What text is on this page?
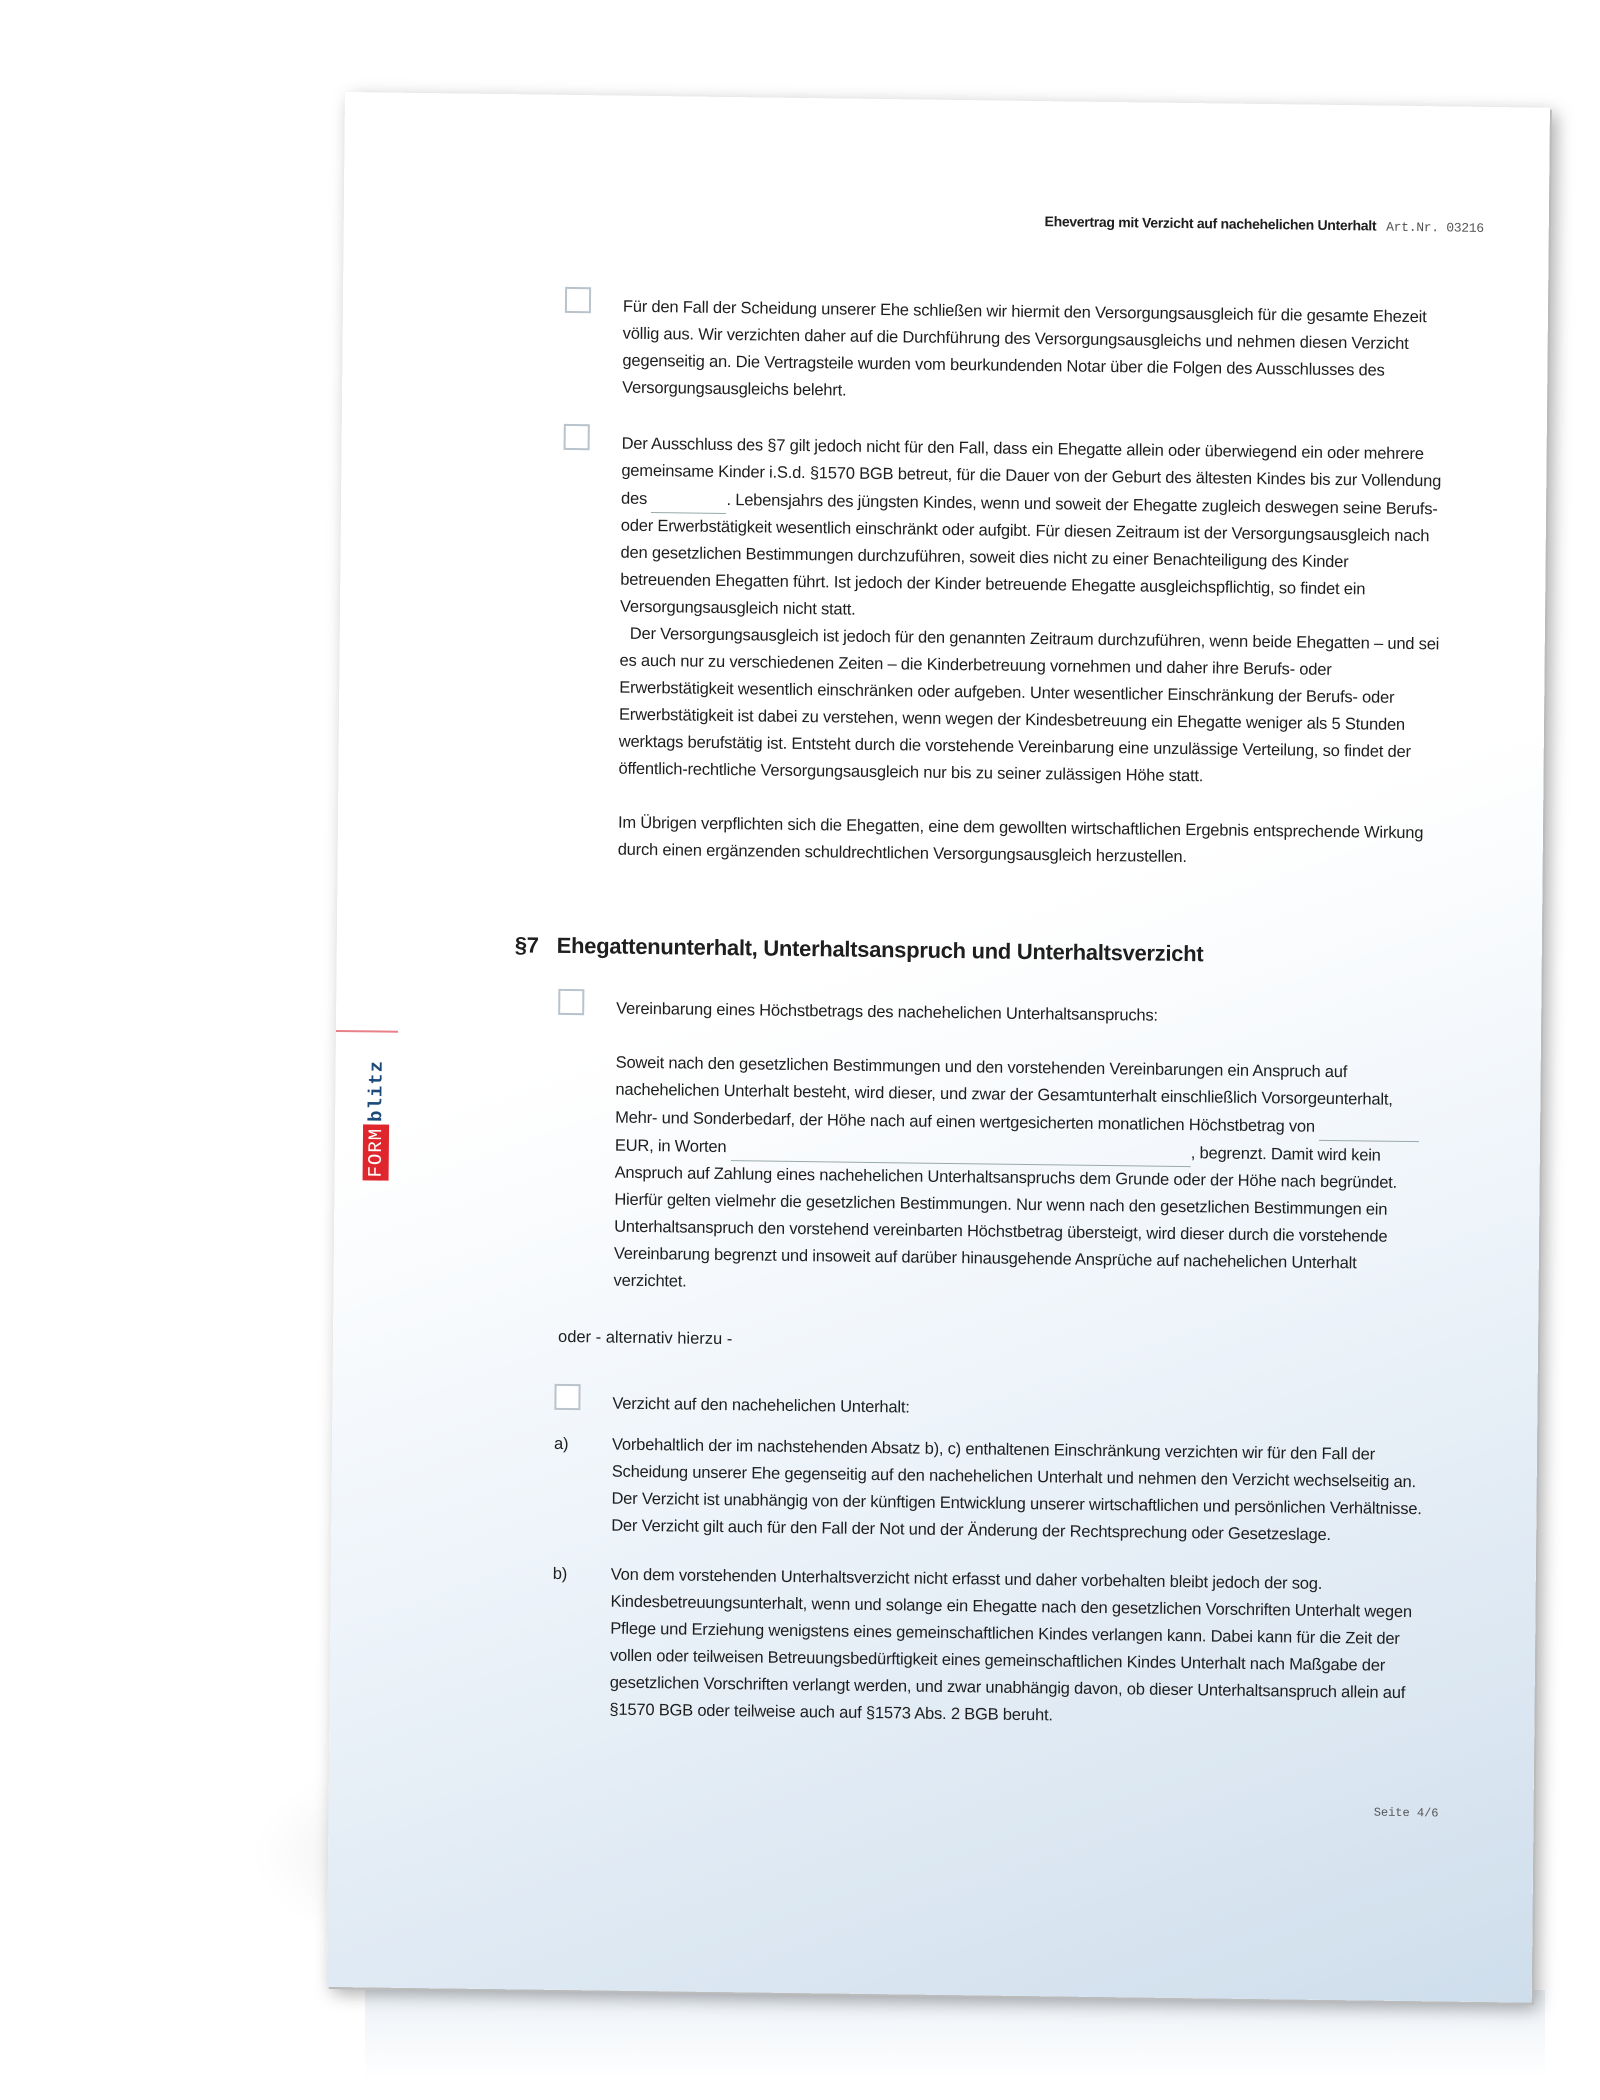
Ehevertrag mit Verzicht auf nachehelichen Unterhalt Art.Nr. 03216
FORMblitz

Für den Fall der Scheidung unserer Ehe schließen wir hiermit den Versorgungsausgleich für die gesamte Ehezeit völlig aus. Wir verzichten daher auf die Durchführung des Versorgungsausgleichs und nehmen diesen Verzicht gegenseitig an. Die Vertragsteile wurden vom beurkundenden Notar über die Folgen des Ausschlusses des Versorgungsausgleichs belehrt.

Der Ausschluss des §7 gilt jedoch nicht für den Fall, dass ein Ehegatte allein oder überwiegend ein oder mehrere gemeinsame Kinder i.S.d. §1570 BGB betreut, für die Dauer von der Geburt des ältesten Kindes bis zur Vollendung des	. Lebensjahrs des jüngsten Kindes, wenn und soweit der Ehegatte zugleich deswegen seine Berufs- oder Erwerbstätigkeit wesentlich einschränkt oder aufgibt. Für diesen Zeitraum ist der Versorgungsausgleich nach den gesetzlichen Bestimmungen durchzuführen, soweit dies nicht zu einer Benachteiligung des Kinder betreuenden Ehegatten führt. Ist jedoch der Kinder betreuende Ehegatte ausgleichspflichtig, so findet ein Versorgungsausgleich nicht statt.

Der Versorgungsausgleich ist jedoch für den genannten Zeitraum durchzuführen, wenn beide Ehegatten – und sei es auch nur zu verschiedenen Zeiten – die Kinderbetreuung vornehmen und daher ihre Berufs- oder Erwerbstätigkeit wesentlich einschränken oder aufgeben. Unter wesentlicher Einschränkung der Berufs- oder Erwerbstätigkeit ist dabei zu verstehen, wenn wegen der Kindesbetreuung ein Ehegatte weniger als 5 Stunden werktags berufstätig ist. Entsteht durch die vorstehende Vereinbarung eine unzulässige Verteilung, so findet der öffentlich-rechtliche Versorgungsausgleich nur bis zu seiner zulässigen Höhe statt.

Im Übrigen verpflichten sich die Ehegatten, eine dem gewollten wirtschaftlichen Ergebnis entsprechende Wirkung durch einen ergänzenden schuldrechtlichen Versorgungsausgleich herzustellen.

§7 Ehegattenunterhalt, Unterhaltsanspruch und Unterhaltsverzicht

Vereinbarung eines Höchstbetrags des nachehelichen Unterhaltsanspruchs:

Soweit nach den gesetzlichen Bestimmungen und den vorstehenden Vereinbarungen ein Anspruch auf nachehelichen Unterhalt besteht, wird dieser, und zwar der Gesamtunterhalt einschließlich Vorsorgeunterhalt, Mehr- und Sonderbedarf, der Höhe nach auf einen wertgesicherten monatlichen Höchstbetrag von   EUR, in Worten	, begrenzt. Damit wird kein Anspruch auf Zahlung eines nachehelichen Unterhaltsanspruchs dem Grunde oder der Höhe nach begründet. Hierfür gelten vielmehr die gesetzlichen Bestimmungen. Nur wenn nach den gesetzlichen Bestimmungen ein Unterhaltsanspruch den vorstehend vereinbarten Höchstbetrag übersteigt, wird dieser durch die vorstehende Vereinbarung begrenzt und insoweit auf darüber hinausgehende Ansprüche auf nachehelichen Unterhalt verzichtet.

oder - alternativ hierzu -

Verzicht auf den nachehelichen Unterhalt:

a)	Vorbehaltlich der im nachstehenden Absatz b), c) enthaltenen Einschränkung verzichten wir für den Fall der Scheidung unserer Ehe gegenseitig auf den nachehelichen Unterhalt und nehmen den Verzicht wechselseitig an. Der Verzicht ist unabhängig von der künftigen Entwicklung unserer wirtschaftlichen und persönlichen Verhältnisse. Der Verzicht gilt auch für den Fall der Not und der Änderung der Rechtsprechung oder Gesetzeslage.

b)	Von dem vorstehenden Unterhaltsverzicht nicht erfasst und daher vorbehalten bleibt jedoch der sog. Kindesbetreuungsunterhalt, wenn und solange ein Ehegatte nach den gesetzlichen Vorschriften Unterhalt wegen Pflege und Erziehung wenigstens eines gemeinschaftlichen Kindes verlangen kann. Dabei kann für die Zeit der vollen oder teilweisen Betreuungsbedürftigkeit eines gemeinschaftlichen Kindes Unterhalt nach Maßgabe der gesetzlichen Vorschriften verlangt werden, und zwar unabhängig davon, ob dieser Unterhaltsanspruch allein auf §1570 BGB oder teilweise auch auf §1573 Abs. 2 BGB beruht.

Seite 4/6
